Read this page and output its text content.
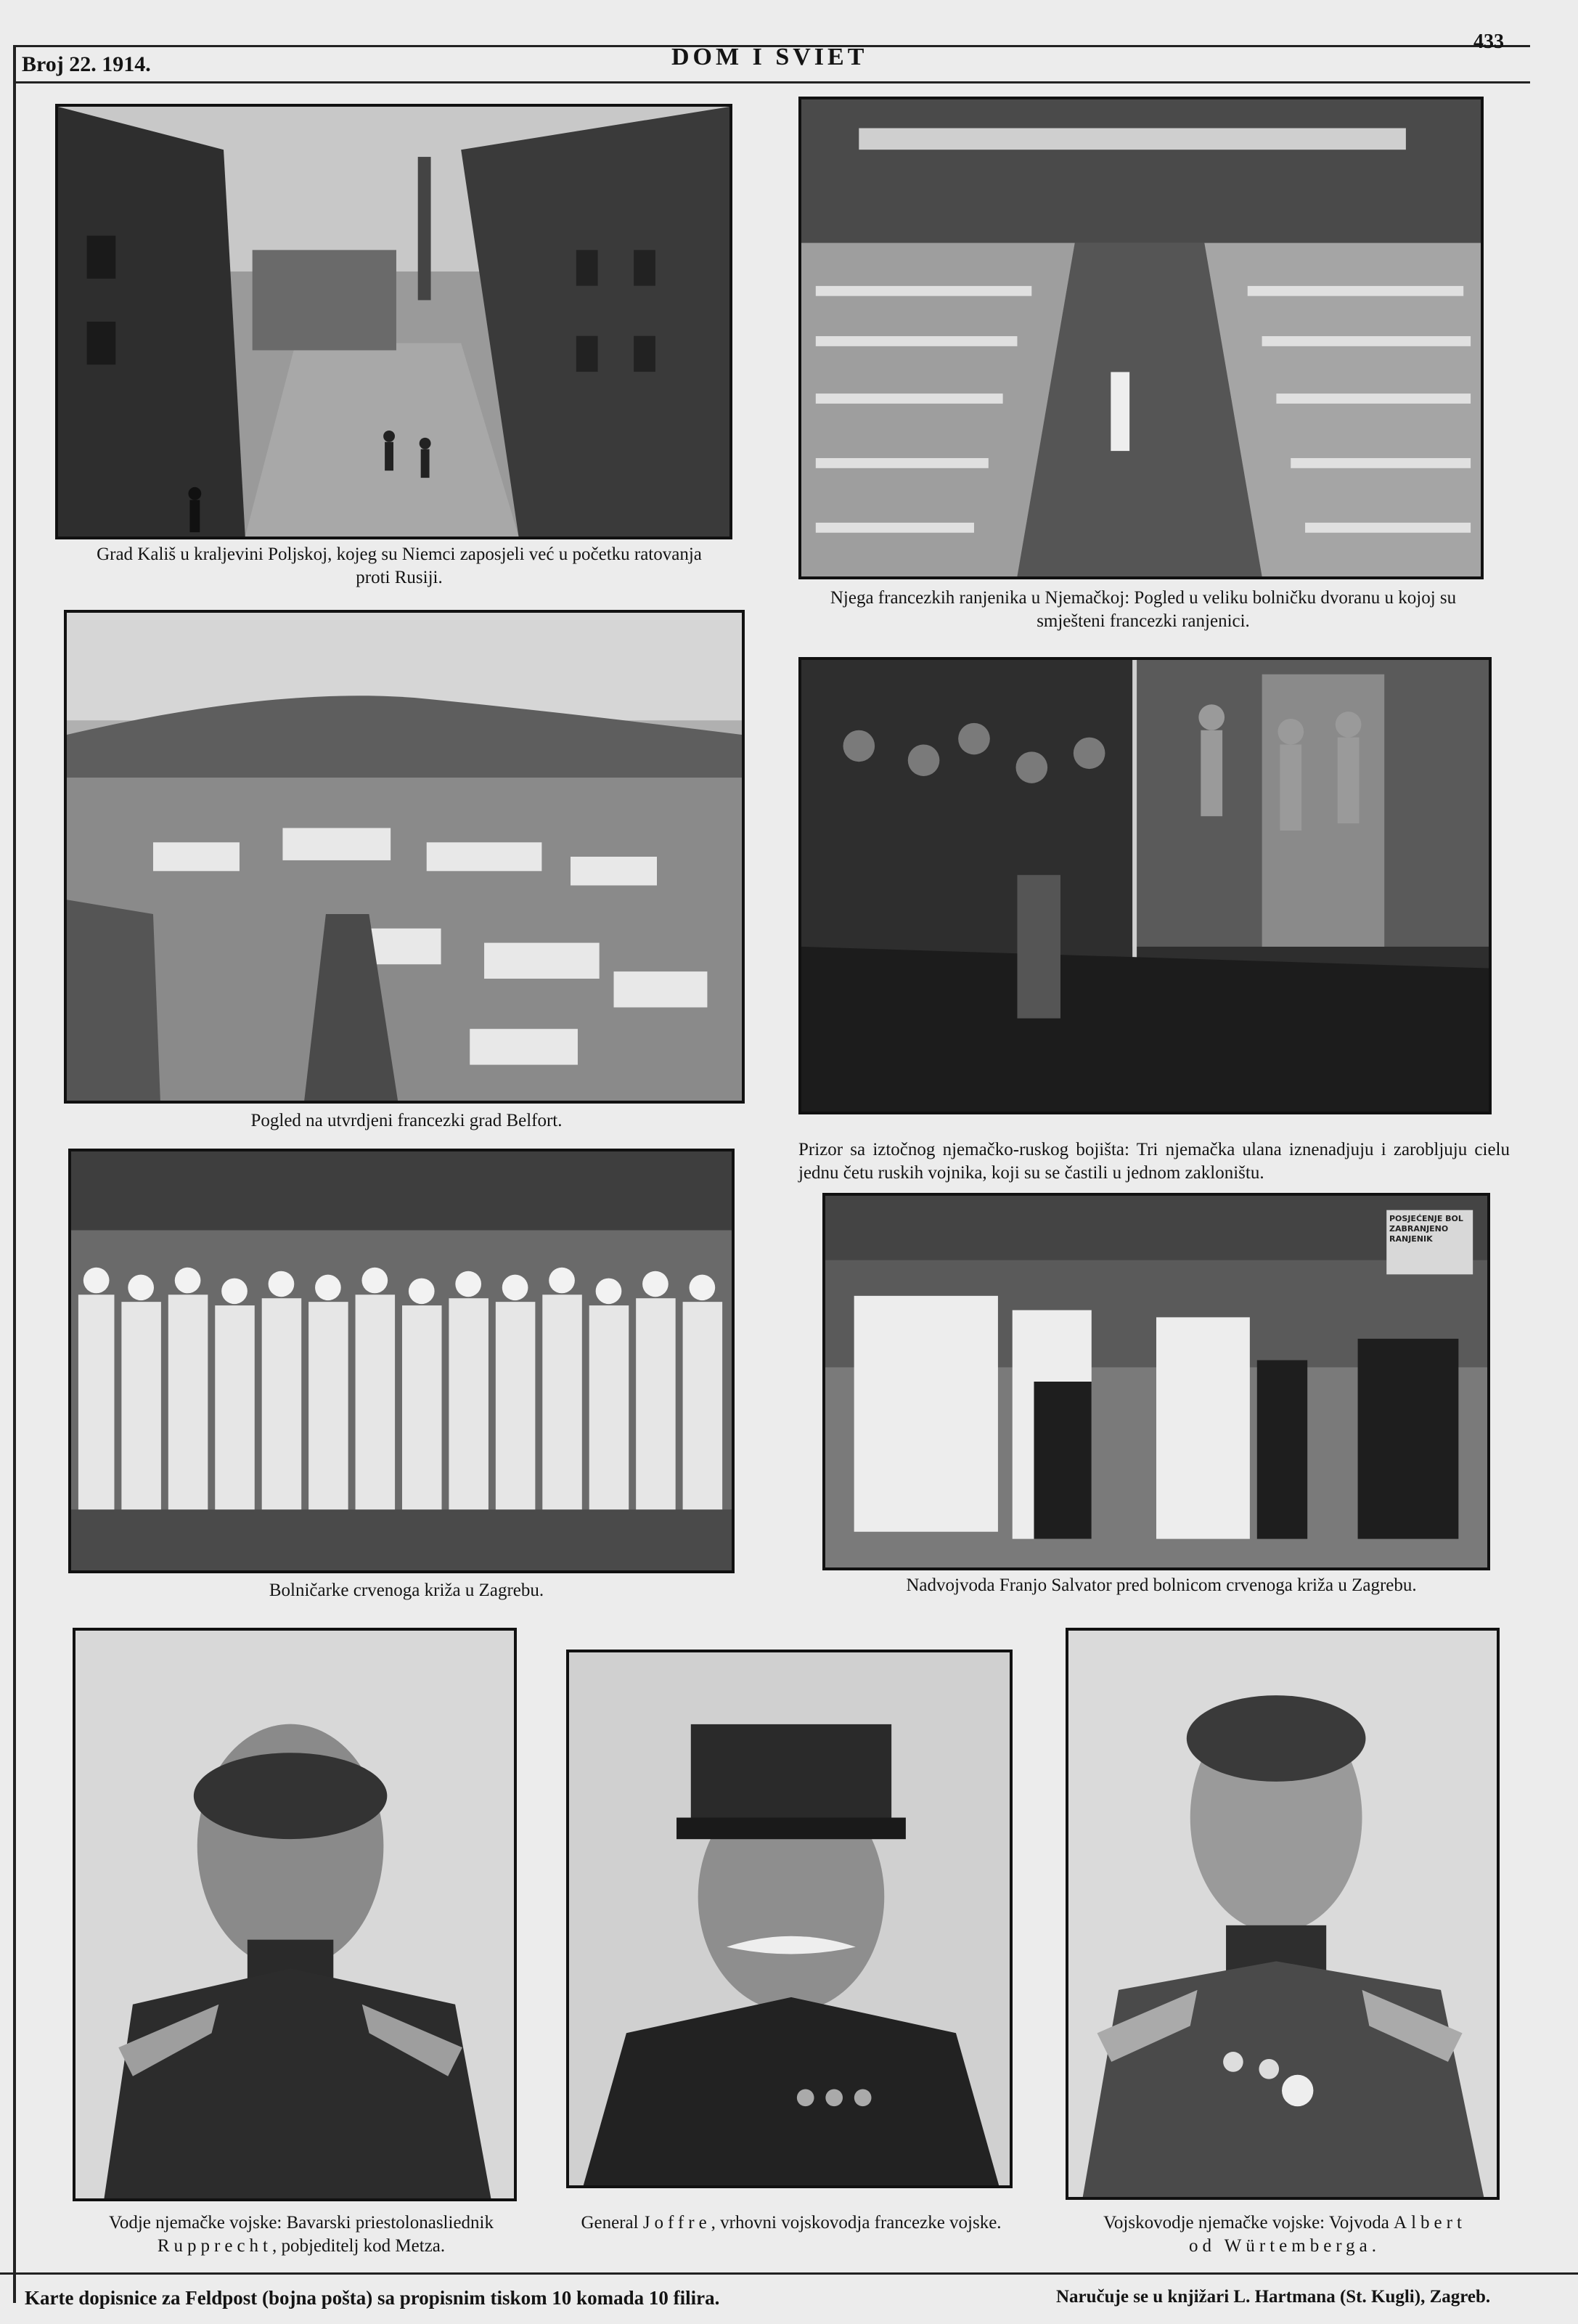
Broj 22. 1914.	DOM I SVIET
433
Grad Kališ u kraljevini Poljskoj, kojeg su Niemci zaposjeli već u početku ratovanja proti Rusiji.
Njega francezkih ranjenika u Njemačkoj: Pogled u veliku bolničku dvoranu u kojoj su smješteni francezki ranjenici.
Pogled na utvrdjeni francezki grad Belfort.
Prizor sa iztočnog njemačko-ruskog bojišta: Tri njemačka ulana iznenadjuju i zarobljuju cielu jednu četu ruskih vojnika, koji su se častili u jednom zakloništu.
Bolničarke crvenoga križa u Zagrebu.
POSJEĆENJE BOL
ZABRANJENO RANJENIK
Nadvojvoda Franjo Salvator pred bolnicom crvenoga križa u Zagrebu.
Vodje njemačke vojske: Bavarski priestolonasliednik
Rupprecht, pobjeditelj kod Metza.
General Joffre, vrhovni vojskovodja francezke vojske.	Vojskovodje njemačke vojske: Vojvoda Albert
od Würtemberga.
Karte dopisnice za Feldpost (bojna pošta) sa propisnim tiskom 10 komada 10 filira.	Naručuje se u knjižari L. Hartmana (St. Kugli), Zagreb.
